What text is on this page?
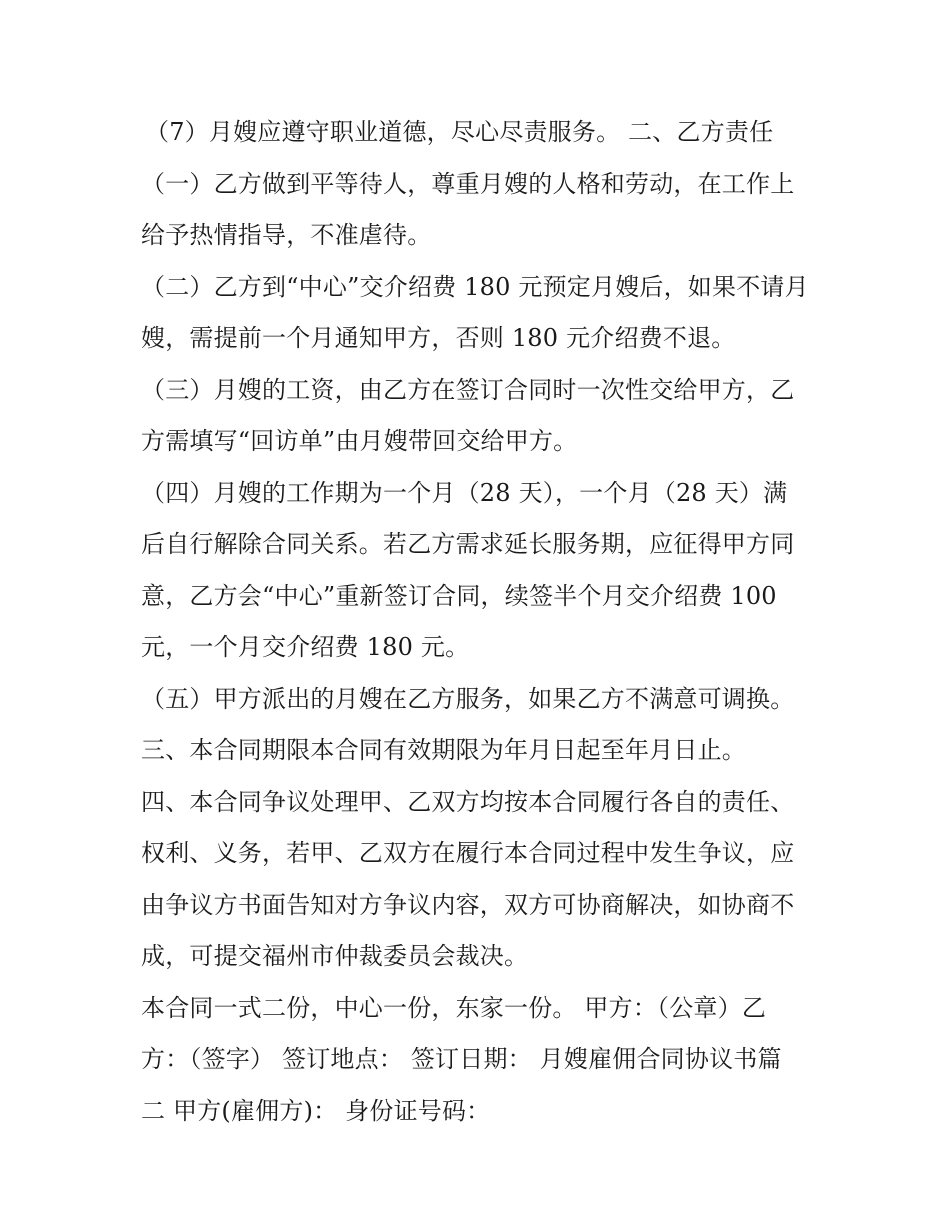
（7）月嫂应遵守职业道德，尽心尽责服务。 二、乙方责任
（一）乙方做到平等待人，尊重月嫂的人格和劳动，在工作上
给予热情指导，不准虐待。
（二）乙方到“中心”交介绍费 180 元预定月嫂后，如果不请月
嫂，需提前一个月通知甲方，否则 180 元介绍费不退。
（三）月嫂的工资，由乙方在签订合同时一次性交给甲方，乙
方需填写“回访单”由月嫂带回交给甲方。
（四）月嫂的工作期为一个月（28 天），一个月（28 天）满
后自行解除合同关系。若乙方需求延长服务期，应征得甲方同
意，乙方会“中心”重新签订合同，续签半个月交介绍费 100
元，一个月交介绍费 180 元。
（五）甲方派出的月嫂在乙方服务，如果乙方不满意可调换。
三、本合同期限本合同有效期限为年月日起至年月日止。
四、本合同争议处理甲、乙双方均按本合同履行各自的责任、
权利、义务，若甲、乙双方在履行本合同过程中发生争议，应
由争议方书面告知对方争议内容，双方可协商解决，如协商不
成，可提交福州市仲裁委员会裁决。
本合同一式二份，中心一份，东家一份。 甲方：（公章）乙
方：（签字） 签订地点： 签订日期： 月嫂雇佣合同协议书篇
二 甲方(雇佣方)： 身份证号码：
